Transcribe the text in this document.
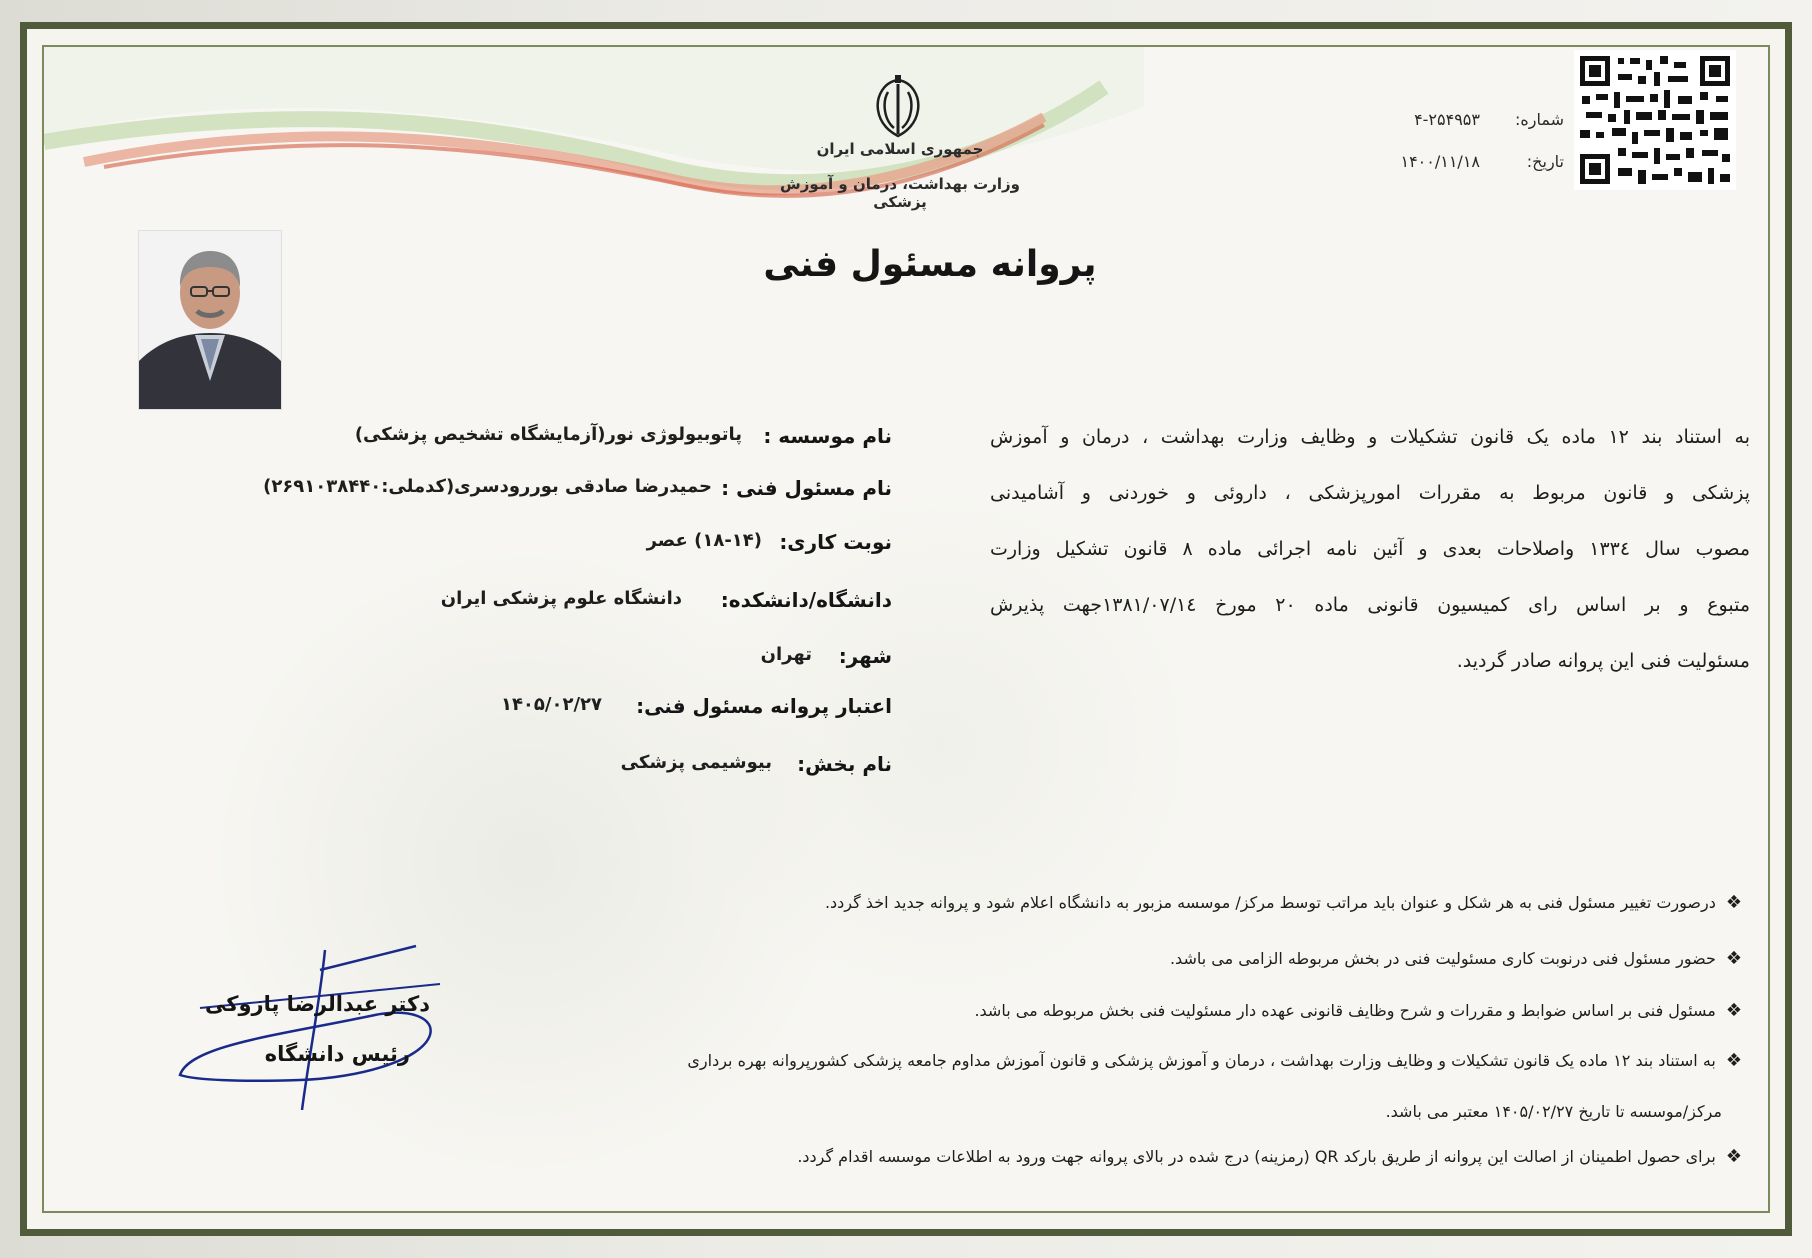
جمهوری اسلامی ایران
وزارت بهداشت، درمان و آموزش پزشکی
شماره:
۴-۲۵۴۹۵۳
تاریخ:
۱۴۰۰/۱۱/۱۸
پروانه مسئول فنی
به استناد بند ۱۲ ماده یک قانون تشکیلات و وظایف وزارت بهداشت ، درمان و آموزش
پزشکی و قانون مربوط به مقررات امورپزشکی ، داروئی و خوردنی و آشامیدنی
مصوب سال ۱۳۳٤ واصلاحات بعدی و آئین نامه اجرائی ماده ۸ قانون تشکیل وزارت
متبوع و بر اساس رای کمیسیون قانونی ماده ۲۰ مورخ ۱۳۸۱/۰۷/۱٤جهت پذیرش
مسئولیت فنی این پروانه صادر گردید.
نام موسسه :
پاتوبیولوژی نور(آزمایشگاه تشخیص پزشکی)
نام مسئول فنی :
حمیدرضا صادقی بوررودسری(کدملی:۲۶۹۱۰۳۸۴۴۰)
نوبت کاری:
(۱۸-۱۴) عصر
دانشگاه/دانشکده:
دانشگاه علوم پزشکی ایران
شهر:
تهران
اعتبار پروانه مسئول فنی:
۱۴۰۵/۰۲/۲۷
نام بخش:
بیوشیمی پزشکی
❖
درصورت تغییر مسئول فنی به هر شکل و عنوان باید مراتب توسط مرکز/ موسسه مزبور به دانشگاه اعلام شود و پروانه جدید اخذ گردد.
❖
حضور مسئول فنی درنوبت کاری مسئولیت فنی در بخش مربوطه الزامی می باشد.
❖
مسئول فنی بر اساس ضوابط و مقررات و شرح وظایف قانونی عهده دار مسئولیت فنی بخش مربوطه می باشد.
❖
به استناد بند ۱۲ ماده یک قانون تشکیلات و وظایف وزارت بهداشت ، درمان و آموزش پزشکی و قانون آموزش مداوم جامعه پزشکی کشورپروانه بهره برداری
مرکز/موسسه تا تاریخ ۱۴۰۵/۰۲/۲۷ معتبر می باشد.
❖
برای حصول اطمینان از اصالت این پروانه از طریق بارکد QR (رمزینه) درج شده در بالای پروانه جهت ورود به اطلاعات موسسه اقدام گردد.
دکتر عبدالرضا پازوکی
رئیس دانشگاه
